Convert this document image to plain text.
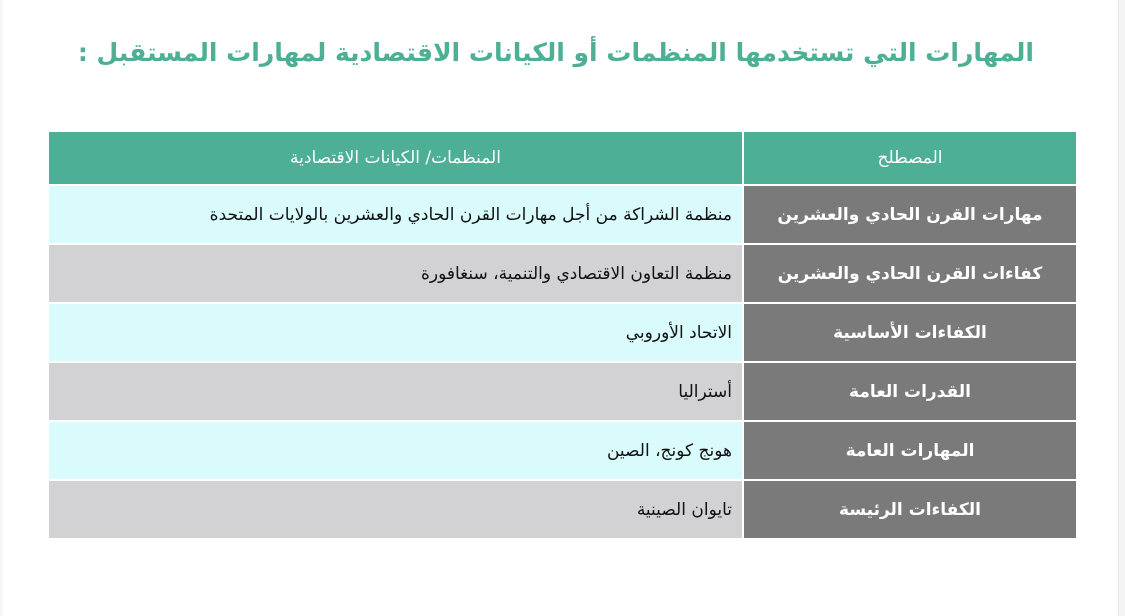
المهارات التي تستخدمها المنظمات أو الكيانات الاقتصادية لمهارات المستقبل :
المصطلح	المنظمات/ الكيانات الاقتصادية
مهارات القرن الحادي والعشرين	منظمة الشراكة من أجل مهارات القرن الحادي والعشرين بالولايات المتحدة
كفاءات القرن الحادي والعشرين	منظمة التعاون الاقتصادي والتنمية، سنغافورة
الكفاءات الأساسية	الاتحاد الأوروبي
القدرات العامة	أستراليا
المهارات العامة	هونج كونج، الصين
الكفاءات الرئيسة	تايوان الصينية
